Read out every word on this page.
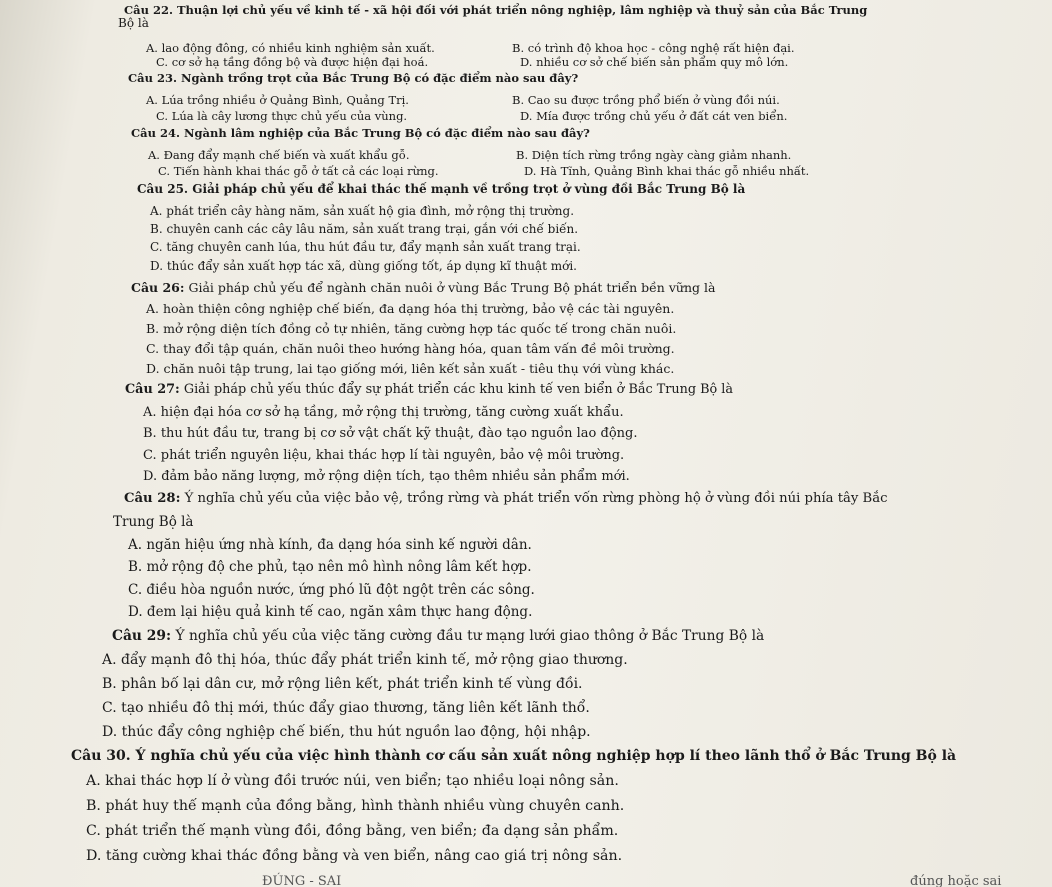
Câu 22. Thuận lợi chủ yếu về kinh tế - xã hội đối với phát triển nông nghiệp, lâm nghiệp và thuỷ sản của Bắc Trung
Bộ là
A. lao động đông, có nhiều kinh nghiệm sản xuất.	B. có trình độ khoa học - công nghệ rất hiện đại.
C. cơ sở hạ tầng đồng bộ và được hiện đại hoá.	D. nhiều cơ sở chế biến sản phẩm quy mô lớn.
Câu 23. Ngành trồng trọt của Bắc Trung Bộ có đặc điểm nào sau đây?
A. Lúa trồng nhiều ở Quảng Bình, Quảng Trị.	B. Cao su được trồng phổ biến ở vùng đồi núi.
C. Lúa là cây lương thực chủ yếu của vùng.	D. Mía được trồng chủ yếu ở đất cát ven biển.
Câu 24. Ngành lâm nghiệp của Bắc Trung Bộ có đặc điểm nào sau đây?
A. Đang đẩy mạnh chế biến và xuất khẩu gỗ.	B. Diện tích rừng trồng ngày càng giảm nhanh.
C. Tiến hành khai thác gỗ ở tất cả các loại rừng.	D. Hà Tĩnh, Quảng Bình khai thác gỗ nhiều nhất.
Câu 25. Giải pháp chủ yếu để khai thác thế mạnh về trồng trọt ở vùng đồi Bắc Trung Bộ là
A. phát triển cây hàng năm, sản xuất hộ gia đình, mở rộng thị trường.
B. chuyên canh các cây lâu năm, sản xuất trang trại, gắn với chế biến.
C. tăng chuyên canh lúa, thu hút đầu tư, đẩy mạnh sản xuất trang trại.
D. thúc đẩy sản xuất hợp tác xã, dùng giống tốt, áp dụng kĩ thuật mới.
Câu 26: Giải pháp chủ yếu để ngành chăn nuôi ở vùng Bắc Trung Bộ phát triển bền vững là
A. hoàn thiện công nghiệp chế biến, đa dạng hóa thị trường, bảo vệ các tài nguyên.
B. mở rộng diện tích đồng cỏ tự nhiên, tăng cường hợp tác quốc tế trong chăn nuôi.
C. thay đổi tập quán, chăn nuôi theo hướng hàng hóa, quan tâm vấn đề môi trường.
D. chăn nuôi tập trung, lai tạo giống mới, liên kết sản xuất - tiêu thụ với vùng khác.
Câu 27: Giải pháp chủ yếu thúc đẩy sự phát triển các khu kinh tế ven biển ở Bắc Trung Bộ là
A. hiện đại hóa cơ sở hạ tầng, mở rộng thị trường, tăng cường xuất khẩu.
B. thu hút đầu tư, trang bị cơ sở vật chất kỹ thuật, đào tạo nguồn lao động.
C. phát triển nguyên liệu, khai thác hợp lí tài nguyên, bảo vệ môi trường.
D. đảm bảo năng lượng, mở rộng diện tích, tạo thêm nhiều sản phẩm mới.
Câu 28: Ý nghĩa chủ yếu của việc bảo vệ, trồng rừng và phát triển vốn rừng phòng hộ ở vùng đồi núi phía tây Bắc
Trung Bộ là
A. ngăn hiệu ứng nhà kính, đa dạng hóa sinh kế người dân.
B. mở rộng độ che phủ, tạo nên mô hình nông lâm kết hợp.
C. điều hòa nguồn nước, ứng phó lũ đột ngột trên các sông.
D. đem lại hiệu quả kinh tế cao, ngăn xâm thực hang động.
Câu 29: Ý nghĩa chủ yếu của việc tăng cường đầu tư mạng lưới giao thông ở Bắc Trung Bộ là
A. đẩy mạnh đô thị hóa, thúc đẩy phát triển kinh tế, mở rộng giao thương.
B. phân bố lại dân cư, mở rộng liên kết, phát triển kinh tế vùng đồi.
C. tạo nhiều đô thị mới, thúc đẩy giao thương, tăng liên kết lãnh thổ.
D. thúc đẩy công nghiệp chế biến, thu hút nguồn lao động, hội nhập.
Câu 30. Ý nghĩa chủ yếu của việc hình thành cơ cấu sản xuất nông nghiệp hợp lí theo lãnh thổ ở Bắc Trung Bộ là
A. khai thác hợp lí ở vùng đồi trước núi, ven biển; tạo nhiều loại nông sản.
B. phát huy thế mạnh của đồng bằng, hình thành nhiều vùng chuyên canh.
C. phát triển thế mạnh vùng đồi, đồng bằng, ven biển; đa dạng sản phẩm.
D. tăng cường khai thác đồng bằng và ven biển, nâng cao giá trị nông sản.
ĐÚNG - SAI	đúng hoặc sai
